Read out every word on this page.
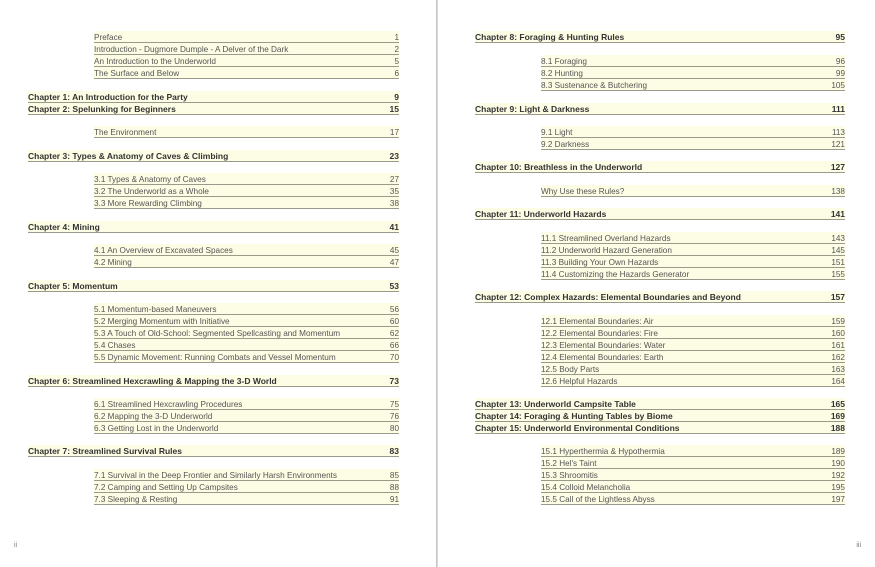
Preface	1
Introduction - Dugmore Dumple - A Delver of the Dark	2
An Introduction to the Underworld	5
The Surface and Below	6
Chapter 1: An Introduction for the Party	9
Chapter 2: Spelunking for Beginners	15
The Environment	17
Chapter 3: Types & Anatomy of Caves & Climbing	23
3.1 Types & Anatomy of Caves	27
3.2 The Underworld as a Whole	35
3.3 More Rewarding Climbing	38
Chapter 4: Mining	41
4.1 An Overview of Excavated Spaces	45
4.2 Mining	47
Chapter 5: Momentum	53
5.1 Momentum-based Maneuvers	56
5.2 Merging Momentum with Initiative	60
5.3 A Touch of Old-School: Segmented Spellcasting and Momentum	62
5.4 Chases	66
5.5 Dynamic Movement: Running Combats and Vessel Momentum	70
Chapter 6: Streamlined Hexcrawling & Mapping the 3-D World	73
6.1 Streamlined Hexcrawling Procedures	75
6.2 Mapping the 3-D Underworld	76
6.3 Getting Lost in the Underworld	80
Chapter 7: Streamlined Survival Rules	83
7.1 Survival in the Deep Frontier and Similarly Harsh Environments	85
7.2 Camping and Setting Up Campsites	88
7.3 Sleeping & Resting	91
ii
Chapter 8: Foraging & Hunting Rules	95
8.1 Foraging	96
8.2 Hunting	99
8.3 Sustenance & Butchering	105
Chapter 9: Light & Darkness	111
9.1 Light	113
9.2 Darkness	121
Chapter 10: Breathless in the Underworld	127
Why Use these Rules?	138
Chapter 11: Underworld Hazards	141
11.1 Streamlined Overland Hazards	143
11.2 Underworld Hazard Generation	145
11.3 Building Your Own Hazards	151
11.4 Customizing the Hazards Generator	155
Chapter 12: Complex Hazards: Elemental Boundaries and Beyond	157
12.1 Elemental Boundaries: Air	159
12.2 Elemental Boundaries: Fire	160
12.3 Elemental Boundaries: Water	161
12.4 Elemental Boundaries: Earth	162
12.5 Body Parts	163
12.6 Helpful Hazards	164
Chapter 13: Underworld Campsite Table	165
Chapter 14: Foraging & Hunting Tables by Biome	169
Chapter 15: Underworld Environmental Conditions	188
15.1 Hyperthermia & Hypothermia	189
15.2 Hel's Taint	190
15.3 Shroomitis	192
15.4 Colloid Melancholia	195
15.5 Call of the Lightless Abyss	197
iii
